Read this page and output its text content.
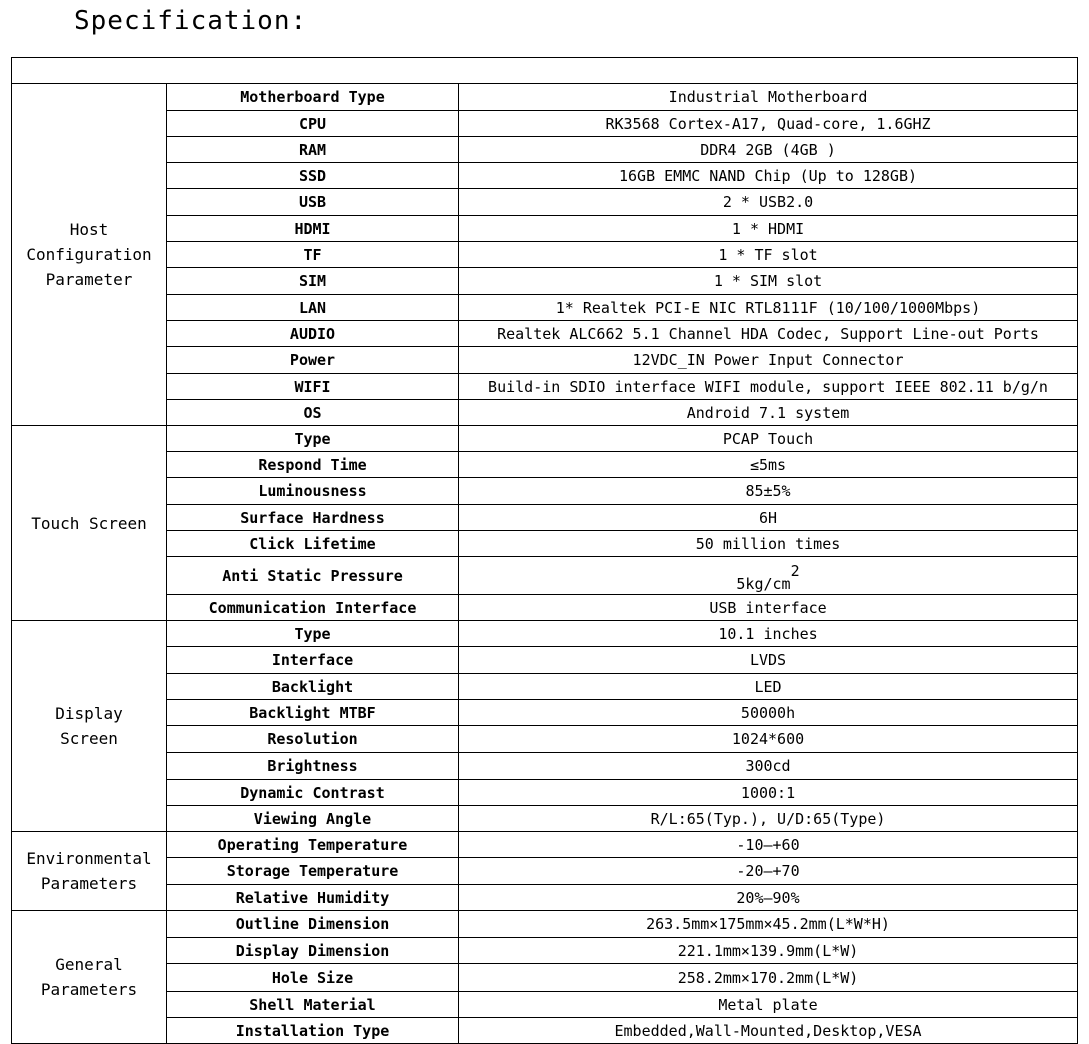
Specification:

Host
Configuration
Parameter	Motherboard Type	Industrial Motherboard
	CPU	RK3568 Cortex-A17, Quad-core, 1.6GHZ
	RAM	DDR4 2GB (4GB )
	SSD	16GB EMMC NAND Chip (Up to 128GB)
	USB	2 * USB2.0
	HDMI	1 * HDMI
	TF	1 * TF slot
	SIM	1 * SIM slot
	LAN	1* Realtek PCI-E NIC RTL8111F (10/100/1000Mbps)
	AUDIO	Realtek ALC662 5.1 Channel HDA Codec, Support Line-out Ports
	Power	12VDC_IN Power Input Connector
	WIFI	Build-in SDIO interface WIFI module, support IEEE 802.11 b/g/n
	OS	Android 7.1 system
Touch Screen	Type	PCAP Touch
	Respond Time	≤5ms
	Luminousness	85±5%
	Surface Hardness	6H
	Click Lifetime	50 million times
	Anti Static Pressure	$5kg/cm^2$
	Communication Interface	USB interface
Display
Screen	Type	10.1 inches
	Interface	LVDS
	Backlight	LED
	Backlight MTBF	50000h
	Resolution	1024*600
	Brightness	300cd
	Dynamic Contrast	1000:1
	Viewing Angle	R/L:65(Typ.), U/D:65(Type)
Environmental
Parameters	Operating Temperature	-10—+60
	Storage Temperature	-20—+70
	Relative Humidity	20%—90%
General
Parameters	Outline Dimension	263.5mm×175mm×45.2mm(L*W*H)
	Display Dimension	221.1mm×139.9mm(L*W)
	Hole Size	258.2mm×170.2mm(L*W)
	Shell Material	Metal plate
	Installation Type	Embedded,Wall-Mounted,Desktop,VESA
